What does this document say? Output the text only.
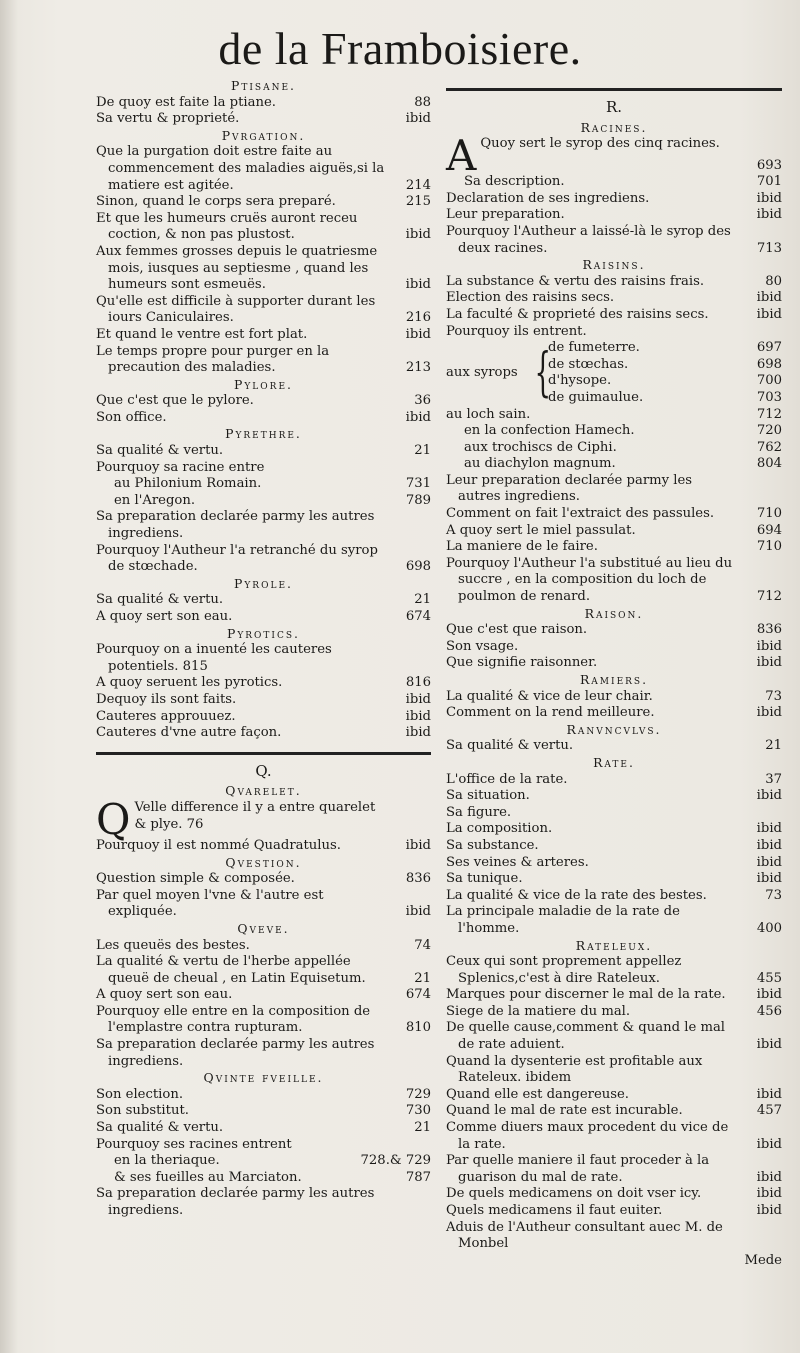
de la Framboisiere.
Ptisane.
De quoy est faite la ptiane.	88
Sa vertu & proprieté.	ibid
Pvrgation.
Que la purgation doit estre faite au commencement des maladies aiguës,si la matiere est agitée.	214
Sinon, quand le corps sera preparé.	215
Et que les humeurs cruës auront receu coction, & non pas plustost.	ibid
Aux femmes grosses depuis le quatriesme mois, iusques au septiesme , quand les humeurs sont esmeuës.	ibid
Qu'elle est difficile à supporter durant les iours Caniculaires.	216
Et quand le ventre est fort plat.	ibid
Le temps propre pour purger en la precaution des maladies.	213
Pylore.
Que c'est que le pylore.	36
Son office.	ibid
Pyrethre.
Sa qualité & vertu.	21
Pourquoy sa racine entre
au Philonium Romain.	731
en l'Aregon.	789
Sa preparation declarée parmy les autres ingrediens.
Pourquoy l'Autheur l'a retranché du syrop de stœchade.	698
Pyrole.
Sa qualité & vertu.	21
A quoy sert son eau.	674
Pyrotics.
Pourquoy on a inuenté les cauteres potentiels. 815
A quoy seruent les pyrotics.	816
Dequoy ils sont faits.	ibid
Cauteres approuuez.	ibid
Cauteres d'vne autre façon.	ibid
Q.
Qvarelet.
Q Velle difference il y a entre quarelet & plye. 76
Pourquoy il est nommé Quadratulus.	ibid
Qvestion.
Question simple & composée.	836
Par quel moyen l'vne & l'autre est expliquée.	ibid
Qveve.
Les queuës des bestes.	74
La qualité & vertu de l'herbe appellée queuë de cheual , en Latin Equisetum.	21
A quoy sert son eau.	674
Pourquoy elle entre en la composition de l'emplastre contra rupturam.	810
Sa preparation declarée parmy les autres ingrediens.
Qvinte fveille.
Son election.	729
Son substitut.	730
Sa qualité & vertu.	21
Pourquoy ses racines entrent
en la theriaque.	728.& 729
& ses fueilles au Marciaton.	787
Sa preparation declarée parmy les autres ingrediens.
R.
Racines.
A Quoy sert le syrop des cinq racines.
693
Sa description.	701
Declaration de ses ingrediens.	ibid
Leur preparation.	ibid
Pourquoy l'Autheur a laissé-là le syrop des deux racines.	713
Raisins.
La substance & vertu des raisins frais.	80
Election des raisins secs.	ibid
La faculté & proprieté des raisins secs.	ibid
Pourquoy ils entrent.
aux syrops {
de fumeterre.	697
de stœchas.	698
d'hysope.	700
de guimaulue.	703
au loch sain.	712
en la confection Hamech.	720
aux trochiscs de Ciphi.	762
au diachylon magnum.	804
Leur preparation declarée parmy les autres ingrediens.
Comment on fait l'extraict des passules.	710
A quoy sert le miel passulat.	694
La maniere de le faire.	710
Pourquoy l'Autheur l'a substitué au lieu du succre , en la composition du loch de poulmon de renard.	712
Raison.
Que c'est que raison.	836
Son vsage.	ibid
Que signifie raisonner.	ibid
Ramiers.
La qualité & vice de leur chair.	73
Comment on la rend meilleure.	ibid
Ranvncvlvs.
Sa qualité & vertu.	21
Rate.
L'office de la rate.	37
Sa situation.	ibid
Sa figure.
La composition.	ibid
Sa substance.	ibid
Ses veines & arteres.	ibid
Sa tunique.	ibid
La qualité & vice de la rate des bestes.	73
La principale maladie de la rate de l'homme.	400
Rateleux.
Ceux qui sont proprement appellez Splenics,c'est à dire Rateleux.	455
Marques pour discerner le mal de la rate. ibid
Siege de la matiere du mal.	456
De quelle cause,comment & quand le mal de rate aduient.	ibid
Quand la dysenterie est profitable aux Rateleux. ibidem
Quand elle est dangereuse.	ibid
Quand le mal de rate est incurable.	457
Comme diuers maux procedent du vice de la rate.	ibid
Par quelle maniere il faut proceder à la guarison du mal de rate.	ibid
De quels medicamens on doit vser icy.	ibid
Quels medicamens il faut euiter.	ibid
Aduis de l'Autheur consultant auec M. de Monbel
Mede
